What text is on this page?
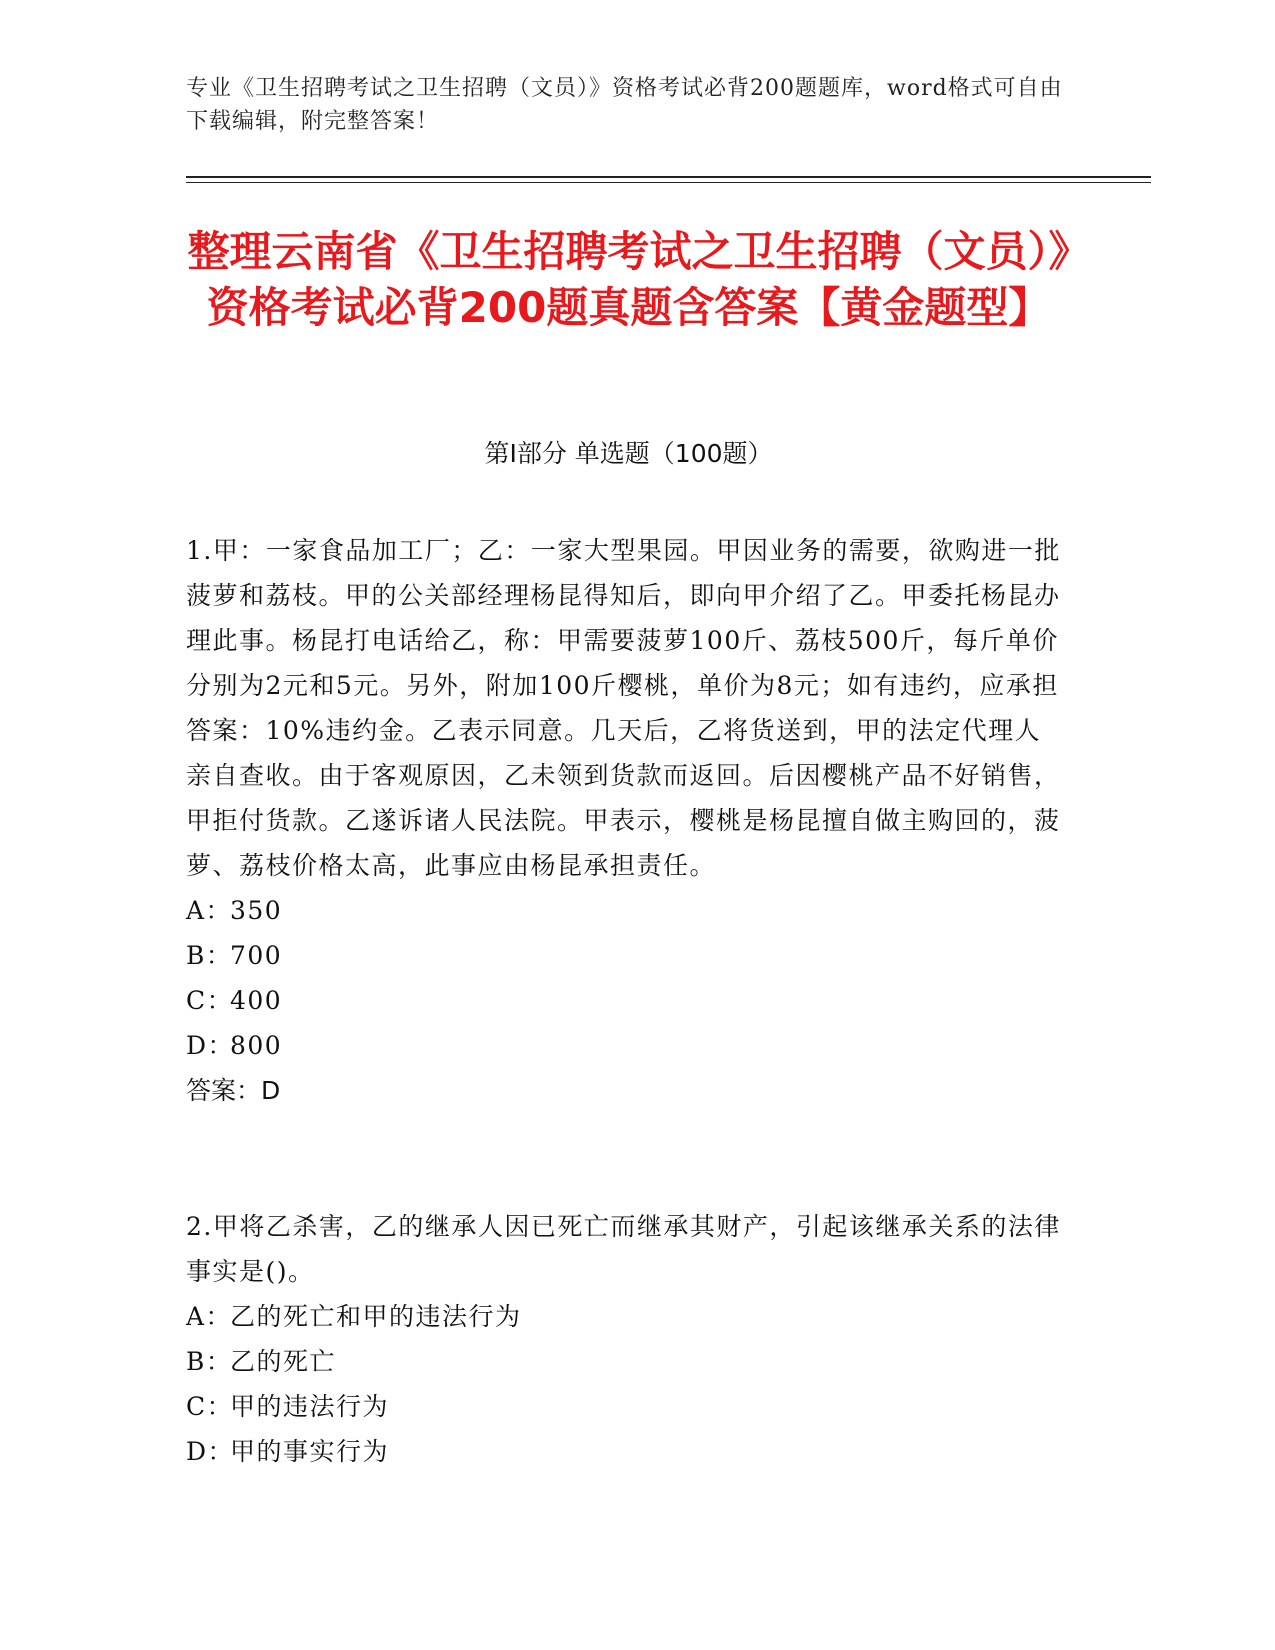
专业《卫生招聘考试之卫生招聘（文员）》资格考试必背200题题库，word格式可自由下载编辑，附完整答案！
整理云南省《卫生招聘考试之卫生招聘（文员）》资格考试必背200题真题含答案【黄金题型】
第Ⅰ部分 单选题（100题）

1.甲：一家食品加工厂；乙：一家大型果园。甲因业务的需要，欲购进一批菠萝和荔枝。甲的公关部经理杨昆得知后，即向甲介绍了乙。甲委托杨昆办理此事。杨昆打电话给乙，称：甲需要菠萝100斤、荔枝500斤，每斤单价分别为2元和5元。另外，附加100斤樱桃，单价为8元；如有违约，应承担答案：10%违约金。乙表示同意。几天后，乙将货送到，甲的法定代理人亲自查收。由于客观原因，乙未领到货款而返回。后因樱桃产品不好销售，甲拒付货款。乙遂诉诸人民法院。甲表示，樱桃是杨昆擅自做主购回的，菠萝、荔枝价格太高，此事应由杨昆承担责任。

A：
350
B：
700
C：
400
D：
800
答案： D

2.甲将乙杀害，乙的继承人因已死亡而继承其财产，引起该继承关系的法律事实是()。

A：
乙的死亡和甲的违法行为
B：
乙的死亡
C：
甲的违法行为
D：
甲的事实行为
